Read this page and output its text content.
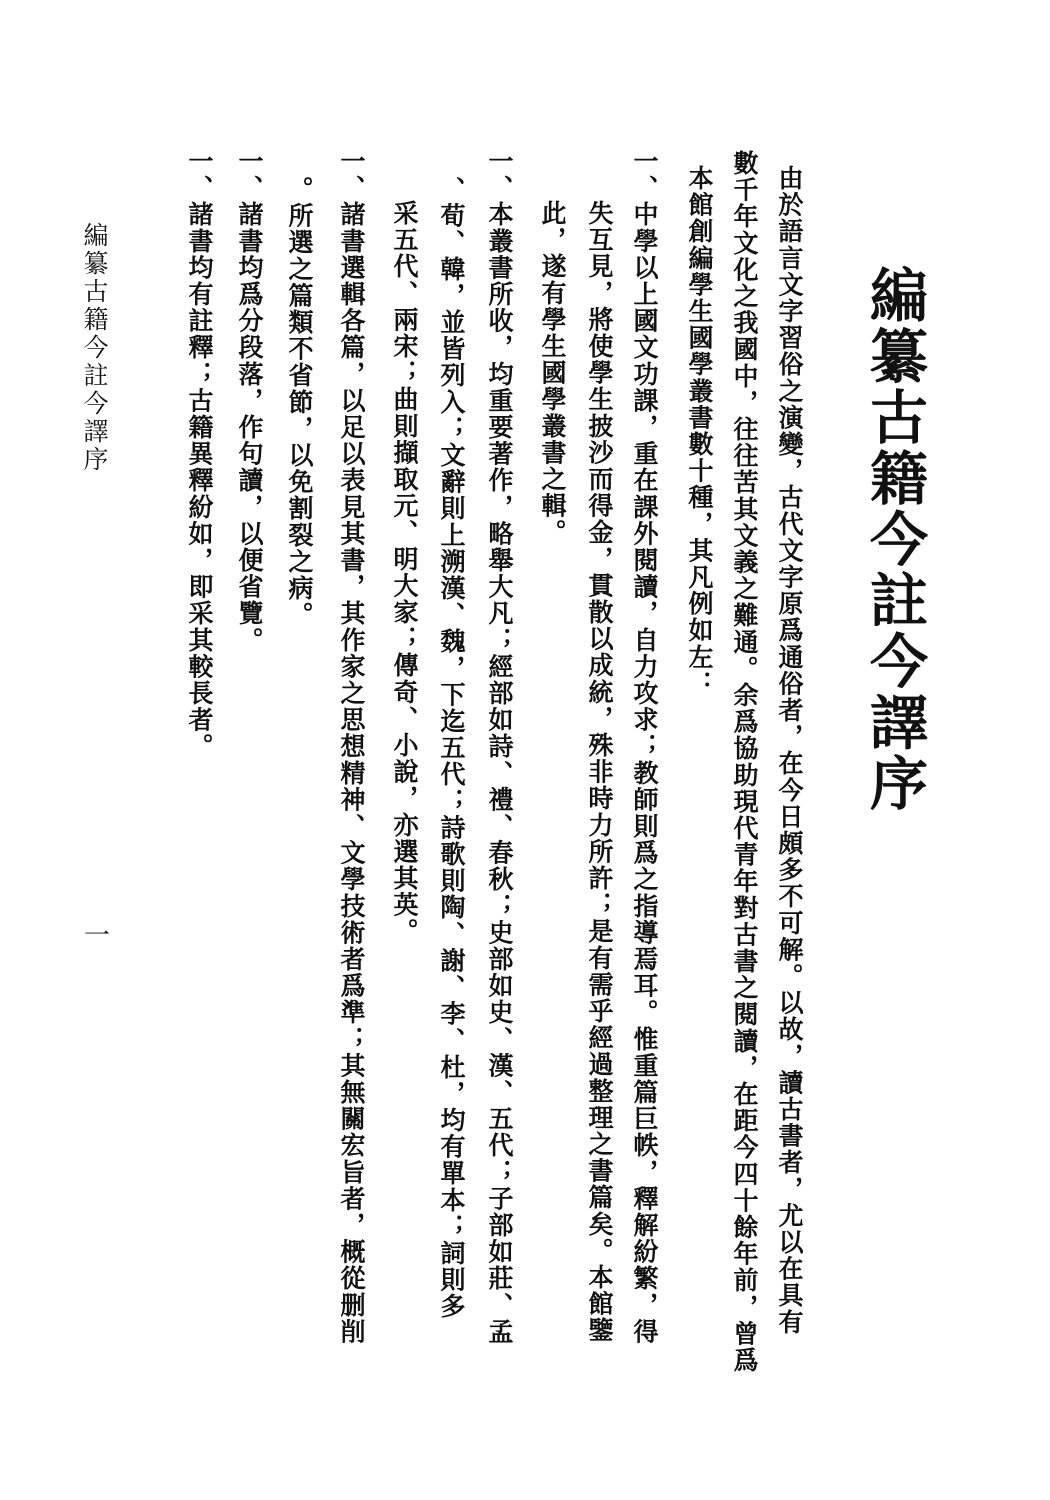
編纂古籍今註今譯序
由於語言文字習俗之演變，古代文字原爲通俗者，在今日頗多不可解。以故，讀古書者，尤以在具有
數千年文化之我國中，往往苦其文義之難通。余爲協助現代青年對古書之閱讀，在距今四十餘年前，曾爲
本館創編學生國學叢書數十種，其凡例如左：
一、中學以上國文功課，重在課外閱讀，自力攻求；教師則爲之指導焉耳。惟重篇巨帙，釋解紛繁，得
失互見，將使學生披沙而得金，貫散以成統，殊非時力所許；是有需乎經過整理之書篇矣。本館鑒
此，遂有學生國學叢書之輯。
一、本叢書所收，均重要著作，略舉大凡；經部如詩、禮、春秋；史部如史、漢、五代；子部如莊、孟
、荀、韓，並皆列入；文辭則上溯漢、魏，下迄五代；詩歌則陶、謝、李、杜，均有單本；詞則多
采五代、兩宋；曲則擷取元、明大家；傳奇、小說，亦選其英。
一、諸書選輯各篇，以足以表見其書，其作家之思想精神、文學技術者爲準；其無關宏旨者，概從删削
。所選之篇類不省節，以免割裂之病。
一、諸書均爲分段落，作句讀，以便省覽。
一、諸書均有註釋；古籍異釋紛如，即采其較長者。
編纂古籍今註今譯序
一
